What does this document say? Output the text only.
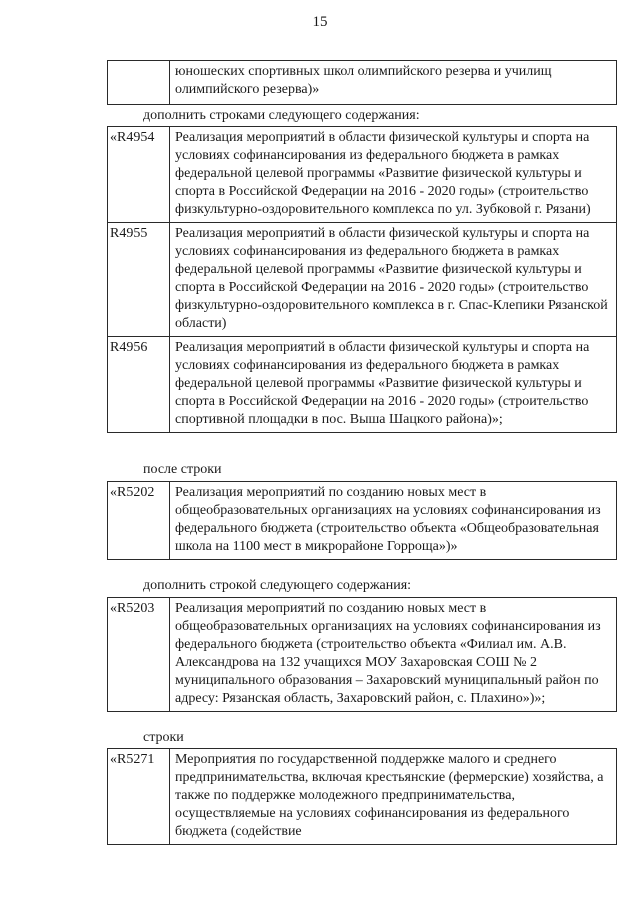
15
	юношеских спортивных школ олимпийского резерва и училищ олимпийского резерва)»
дополнить строками следующего содержания:
«R4954	Реализация мероприятий в области физической культуры и спорта на условиях софинансирования из федерального бюджета в рамках федеральной целевой программы «Развитие физической культуры и спорта в Российской Федерации на 2016 - 2020 годы» (строительство физкультурно-оздоровительного комплекса по ул. Зубковой г. Рязани)
R4955	Реализация мероприятий в области физической культуры и спорта на условиях софинансирования из федерального бюджета в рамках федеральной целевой программы «Развитие физической культуры и спорта в Российской Федерации на 2016 - 2020 годы» (строительство физкультурно-оздоровительного комплекса в г. Спас-Клепики Рязанской области)
R4956	Реализация мероприятий в области физической культуры и спорта на условиях софинансирования из федерального бюджета в рамках федеральной целевой программы «Развитие физической культуры и спорта в Российской Федерации на 2016 - 2020 годы» (строительство спортивной площадки в пос. Выша Шацкого района)»;
после строки
«R5202	Реализация мероприятий по созданию новых мест в общеобразовательных организациях на условиях софинансирования из федерального бюджета (строительство объекта «Общеобразовательная школа на 1100 мест в микрорайоне Горроща»)»
дополнить строкой следующего содержания:
«R5203	Реализация мероприятий по созданию новых мест в общеобразовательных организациях на условиях софинансирования из федерального бюджета (строительство объекта «Филиал им. А.В. Александрова на 132 учащихся МОУ Захаровская СОШ № 2 муниципального образования – Захаровский муниципальный район по адресу: Рязанская область, Захаровский район, с. Плахино»)»;
строки
«R5271	Мероприятия по государственной поддержке малого и среднего предпринимательства, включая крестьянские (фермерские) хозяйства, а также по поддержке молодежного предпринимательства, осуществляемые на условиях софинансирования из федерального бюджета (содействие
